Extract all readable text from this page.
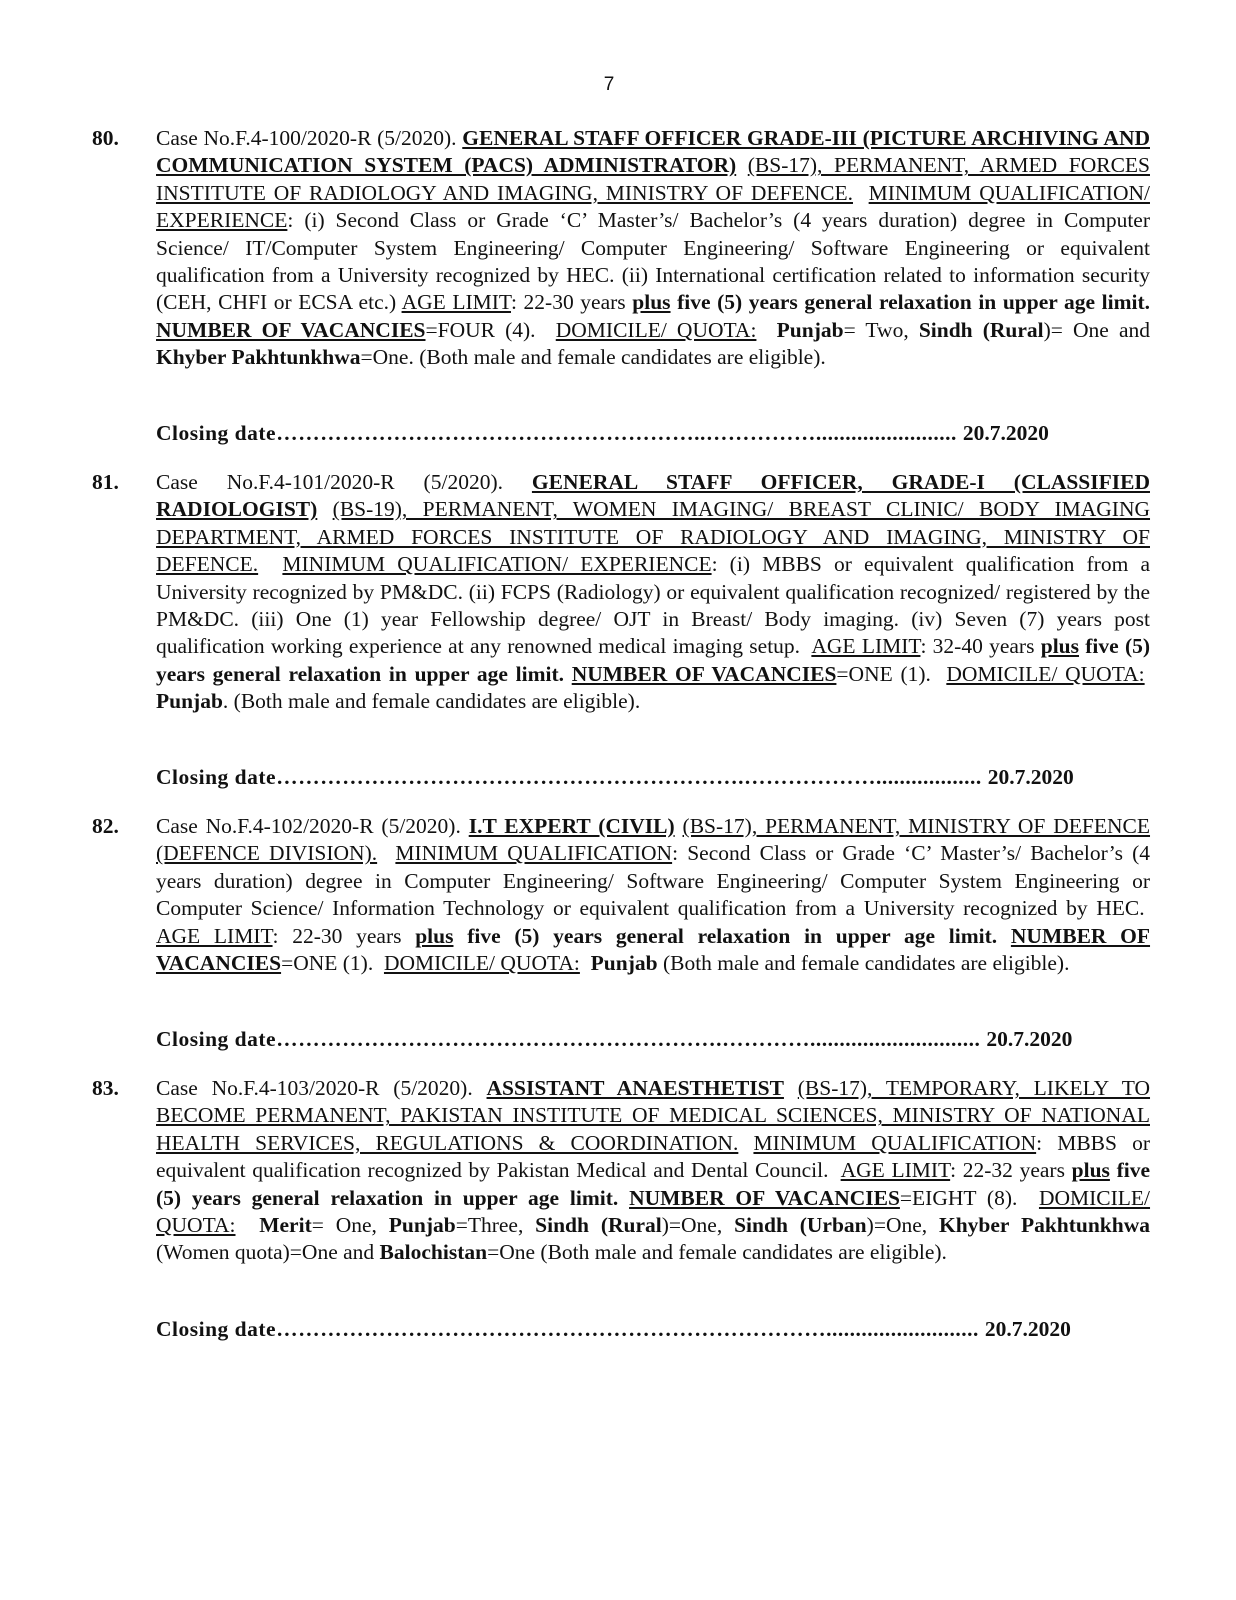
7
80.	Case No.F.4-100/2020-R (5/2020). GENERAL STAFF OFFICER GRADE-III (PICTURE ARCHIVING AND COMMUNICATION SYSTEM (PACS) ADMINISTRATOR) (BS-17), PERMANENT, ARMED FORCES INSTITUTE OF RADIOLOGY AND IMAGING, MINISTRY OF DEFENCE. MINIMUM QUALIFICATION/ EXPERIENCE: (i) Second Class or Grade ‘C’ Master’s/ Bachelor’s (4 years duration) degree in Computer Science/ IT/Computer System Engineering/ Computer Engineering/ Software Engineering or equivalent qualification from a University recognized by HEC. (ii) International certification related to information security (CEH, CHFI or ECSA etc.) AGE LIMIT: 22-30 years plus five (5) years general relaxation in upper age limit. NUMBER OF VACANCIES=FOUR (4). DOMICILE/ QUOTA: Punjab= Two, Sindh (Rural)= One and Khyber Pakhtunkhwa=One. (Both male and female candidates are eligible).
Closing date…………………………………………………..……………........................ 20.7.2020
81.	Case No.F.4-101/2020-R (5/2020). GENERAL STAFF OFFICER, GRADE-I (CLASSIFIED RADIOLOGIST) (BS-19), PERMANENT, WOMEN IMAGING/ BREAST CLINIC/ BODY IMAGING DEPARTMENT, ARMED FORCES INSTITUTE OF RADIOLOGY AND IMAGING, MINISTRY OF DEFENCE. MINIMUM QUALIFICATION/ EXPERIENCE: (i) MBBS or equivalent qualification from a University recognized by PM&DC. (ii) FCPS (Radiology) or equivalent qualification recognized/ registered by the PM&DC. (iii) One (1) year Fellowship degree/ OJT in Breast/ Body imaging. (iv) Seven (7) years post qualification working experience at any renowned medical imaging setup. AGE LIMIT: 32-40 years plus five (5) years general relaxation in upper age limit. NUMBER OF VACANCIES=ONE (1). DOMICILE/ QUOTA:  Punjab. (Both male and female candidates are eligible).
Closing date……………………………………………………….……………….................. 20.7.2020
82.	Case No.F.4-102/2020-R (5/2020). I.T EXPERT (CIVIL) (BS-17), PERMANENT, MINISTRY OF DEFENCE (DEFENCE DIVISION). MINIMUM QUALIFICATION: Second Class or Grade ‘C’ Master’s/ Bachelor’s (4 years duration) degree in Computer Engineering/ Software Engineering/ Computer System Engineering or Computer Science/ Information Technology or equivalent qualification from a University recognized by HEC.  AGE LIMIT: 22-30 years plus five (5) years general relaxation in upper age limit. NUMBER OF VACANCIES=ONE (1). DOMICILE/ QUOTA: Punjab (Both male and female candidates are eligible).
Closing date…………………………………………………….…………............................. 20.7.2020
83.	Case No.F.4-103/2020-R (5/2020). ASSISTANT ANAESTHETIST (BS-17), TEMPORARY, LIKELY TO BECOME PERMANENT, PAKISTAN INSTITUTE OF MEDICAL SCIENCES, MINISTRY OF NATIONAL HEALTH SERVICES, REGULATIONS & COORDINATION. MINIMUM QUALIFICATION: MBBS or equivalent qualification recognized by Pakistan Medical and Dental Council. AGE LIMIT: 22-32 years plus five (5) years general relaxation in upper age limit. NUMBER OF VACANCIES=EIGHT (8). DOMICILE/ QUOTA: Merit= One, Punjab=Three, Sindh (Rural)=One, Sindh (Urban)=One, Khyber Pakhtunkhwa (Women quota)=One and Balochistan=One (Both male and female candidates are eligible).
Closing date………………………………………………………………….......................... 20.7.2020
